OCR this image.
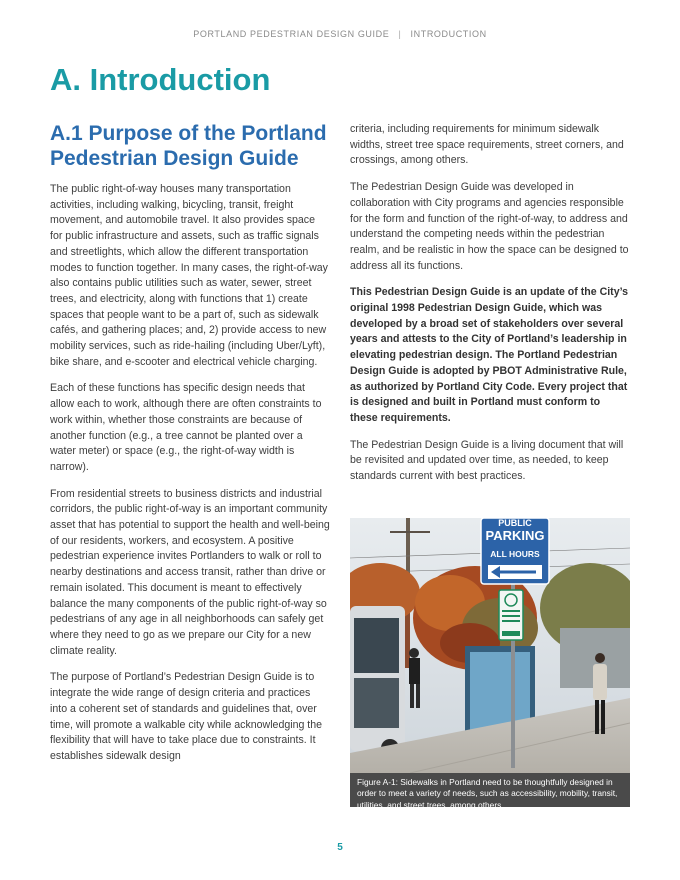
PORTLAND PEDESTRIAN DESIGN GUIDE | INTRODUCTION
A. Introduction
A.1 Purpose of the Portland Pedestrian Design Guide

The public right-of-way houses many transportation activities, including walking, bicycling, transit, freight movement, and automobile travel. It also provides space for public infrastructure and assets, such as traffic signals and streetlights, which allow the different transportation modes to function together. In many cases, the right-of-way also contains public utilities such as water, sewer, street trees, and electricity, along with functions that 1) create spaces that people want to be a part of, such as sidewalk cafés, and gathering places; and, 2) provide access to new mobility services, such as ride-hailing (including Uber/Lyft), bike share, and e-scooter and electrical vehicle charging.

Each of these functions has specific design needs that allow each to work, although there are often constraints to work within, whether those constraints are because of another function (e.g., a tree cannot be planted over a water meter) or space (e.g., the right-of-way width is narrow).

From residential streets to business districts and industrial corridors, the public right-of-way is an important community asset that has potential to support the health and well-being of our residents, workers, and ecosystem. A positive pedestrian experience invites Portlanders to walk or roll to nearby destinations and access transit, rather than drive or remain isolated. This document is meant to effectively balance the many components of the public right-of-way so pedestrians of any age in all neighborhoods can safely get where they need to go as we prepare our City for a new climate reality.

The purpose of Portland’s Pedestrian Design Guide is to integrate the wide range of design criteria and practices into a coherent set of standards and guidelines that, over time, will promote a walkable city while acknowledging the flexibility that will have to take place due to constraints. It establishes sidewalk design

criteria, including requirements for minimum sidewalk widths, street tree space requirements, street corners, and crossings, among others.

The Pedestrian Design Guide was developed in collaboration with City programs and agencies responsible for the form and function of the right-of-way, to address and understand the competing needs within the pedestrian realm, and be realistic in how the space can be designed to address all its functions.

This Pedestrian Design Guide is an update of the City’s original 1998 Pedestrian Design Guide, which was developed by a broad set of stakeholders over several years and attests to the City of Portland’s leadership in elevating pedestrian design. The Portland Pedestrian Design Guide is adopted by PBOT Administrative Rule, as authorized by Portland City Code. Every project that is designed and built in Portland must conform to these requirements.

The Pedestrian Design Guide is a living document that will be revisited and updated over time, as needed, to keep standards current with best practices.

PUBLIC
PARKING
ALL HOURS
Figure A-1: Sidewalks in Portland need to be thoughtfully designed in order to meet a variety of needs, such as accessibility, mobility, transit, utilities, and street trees, among others.
5
